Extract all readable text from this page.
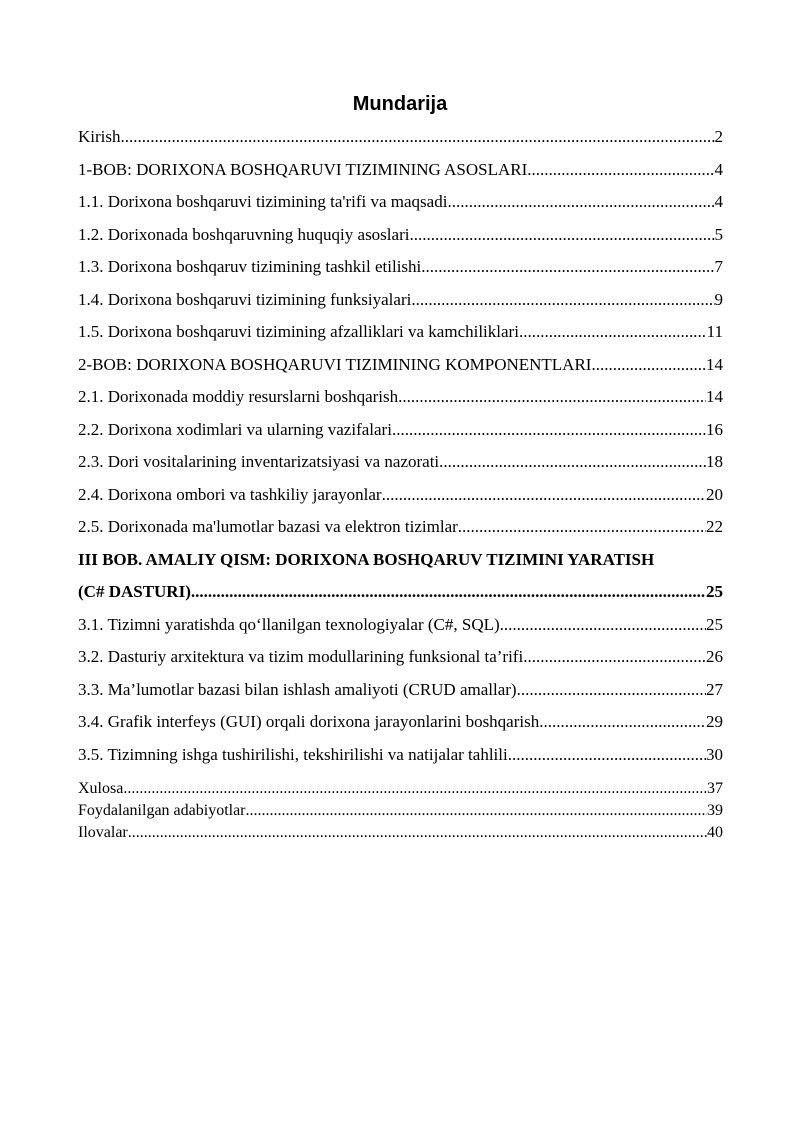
Mundarija
Kirish .....	2
1-BOB: DORIXONA BOSHQARUVI TIZIMINING ASOSLARI .....	4
1.1. Dorixona boshqaruvi tizimining ta'rifi va maqsadi .....	4
1.2. Dorixonada boshqaruvning huquqiy asoslari .....	5
1.3. Dorixona boshqaruv tizimining tashkil etilishi .....	7
1.4. Dorixona boshqaruvi tizimining funksiyalari .....	9
1.5. Dorixona boshqaruvi tizimining afzalliklari va kamchiliklari .....	11
2-BOB: DORIXONA BOSHQARUVI TIZIMINING KOMPONENTLARI .....	14
2.1. Dorixonada moddiy resurslarni boshqarish .....	14
2.2. Dorixona xodimlari va ularning vazifalari .....	16
2.3. Dori vositalarining inventarizatsiyasi va nazorati .....	18
2.4. Dorixona ombori va tashkiliy jarayonlar .....	20
2.5. Dorixonada ma'lumotlar bazasi va elektron tizimlar .....	22
III BOB. AMALIY QISM: DORIXONA BOSHQARUV TIZIMINI YARATISH
(C# DASTURI) .....	25
3.1. Tizimni yaratishda qo‘llanilgan texnologiyalar (C#, SQL) .....	25
3.2. Dasturiy arxitektura va tizim modullarining funksional ta’rifi .....	26
3.3. Ma’lumotlar bazasi bilan ishlash amaliyoti (CRUD amallar) .....	27
3.4. Grafik interfeys (GUI) orqali dorixona jarayonlarini boshqarish .....	29
3.5. Tizimning ishga tushirilishi, tekshirilishi va natijalar tahlili .....	30
Xulosa .....	37
Foydalanilgan adabiyotlar .....	39
Ilovalar .....	40
